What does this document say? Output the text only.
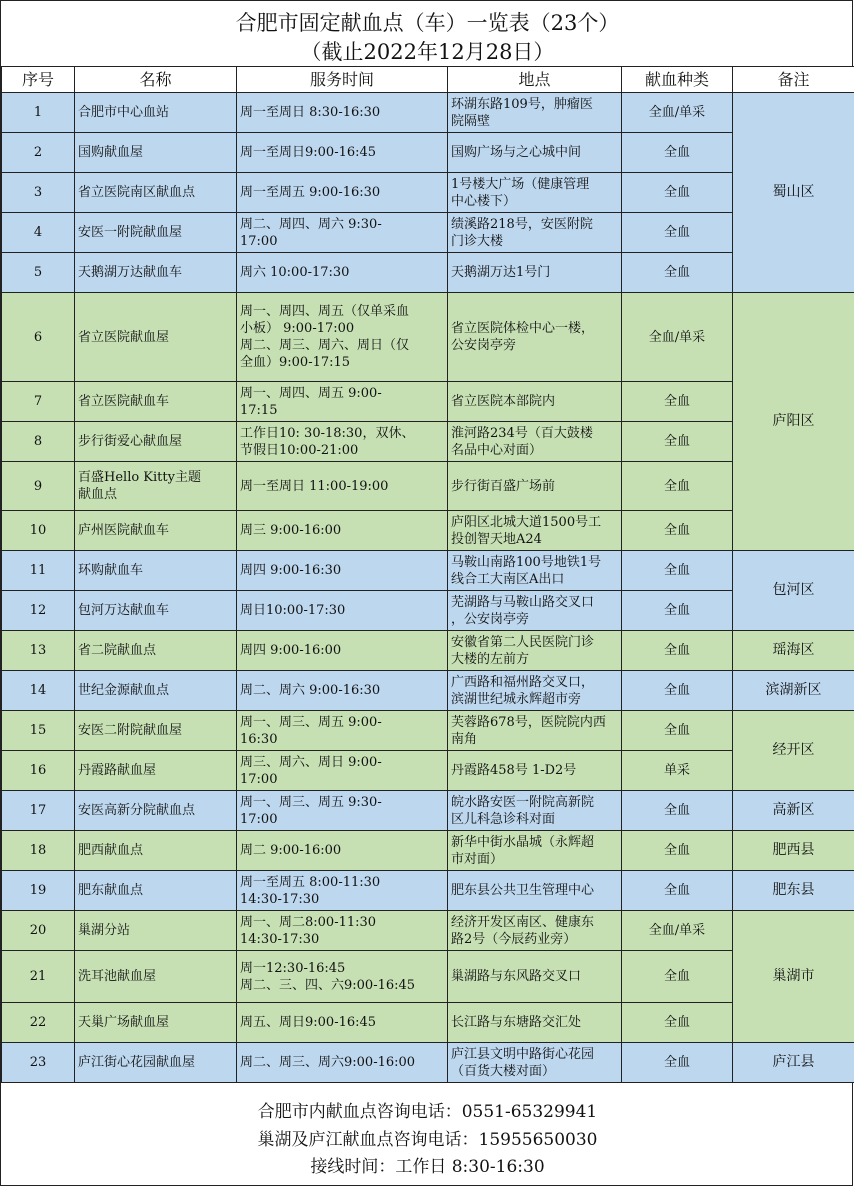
合肥市固定献血点（车）一览表（23个）
（截止2022年12月28日）
序号	名称	服务时间	地点	献血种类	备注
1	合肥市中心血站	周一至周日 8:30-16:30	环湖东路109号，肿瘤医
院隔壁	全血/单采	蜀山区
2	国购献血屋	周一至周日9:00-16:45	国购广场与之心城中间	全血	
3	省立医院南区献血点	周一至周五 9:00-16:30	1号楼大广场（健康管理
中心楼下）	全血	
4	安医一附院献血屋	周二、周四、周六 9:30-
17:00	绩溪路218号，安医附院
门诊大楼	全血	
5	天鹅湖万达献血车	周六 10:00-17:30	天鹅湖万达1号门	全血	
6	省立医院献血屋	周一、周四、周五（仅单采血
小板） 9:00-17:00
周二、周三、周六、周日（仅
全血）9:00-17:15	省立医院体检中心一楼，
公安岗亭旁	全血/单采	庐阳区
7	省立医院献血车	周一、周四、周五 9:00-
17:15	省立医院本部院内	全血	
8	步行街爱心献血屋	工作日10: 30-18:30，双休、
节假日10:00-21:00	淮河路234号（百大鼓楼
名品中心对面）	全血	
9	百盛Hello Kitty主题
献血点	周一至周日 11:00-19:00	步行街百盛广场前	全血	
10	庐州医院献血车	周三 9:00-16:00	庐阳区北城大道1500号工
投创智天地A24	全血	
11	环购献血车	周四 9:00-16:30	马鞍山南路100号地铁1号
线合工大南区A出口	全血	包河区
12	包河万达献血车	周日10:00-17:30	芜湖路与马鞍山路交叉口
，公安岗亭旁	全血	
13	省二院献血点	周四 9:00-16:00	安徽省第二人民医院门诊
大楼的左前方	全血	瑶海区
14	世纪金源献血点	周二、周六 9:00-16:30	广西路和福州路交叉口，
滨湖世纪城永辉超市旁	全血	滨湖新区
15	安医二附院献血屋	周一、周三、周五 9:00-
16:30	芙蓉路678号，医院院内西
南角	全血	经开区
16	丹霞路献血屋	周三、周六、周日 9:00-
17:00	丹霞路458号 1-D2号	单采	
17	安医高新分院献血点	周一、周三、周五 9:30-
17:00	皖水路安医一附院高新院
区儿科急诊科对面	全血	高新区
18	肥西献血点	周二 9:00-16:00	新华中街水晶城（永辉超
市对面）	全血	肥西县
19	肥东献血点	周一至周五 8:00-11:30
14:30-17:30	肥东县公共卫生管理中心	全血	肥东县
20	巢湖分站	周一、周二8:00-11:30
14:30-17:30	经济开发区南区、健康东
路2号（今辰药业旁）	全血/单采	巢湖市
21	洗耳池献血屋	周一12:30-16:45
周二、三、四、六9:00-16:45	巢湖路与东风路交叉口	全血	
22	天巢广场献血屋	周五、周日9:00-16:45	长江路与东塘路交汇处	全血	
23	庐江街心花园献血屋	周二、周三、周六9:00-16:00	庐江县文明中路街心花园
（百货大楼对面）	全血	庐江县
合肥市内献血点咨询电话：0551-65329941
巢湖及庐江献血点咨询电话：15955650030
接线时间：工作日 8:30-16:30
